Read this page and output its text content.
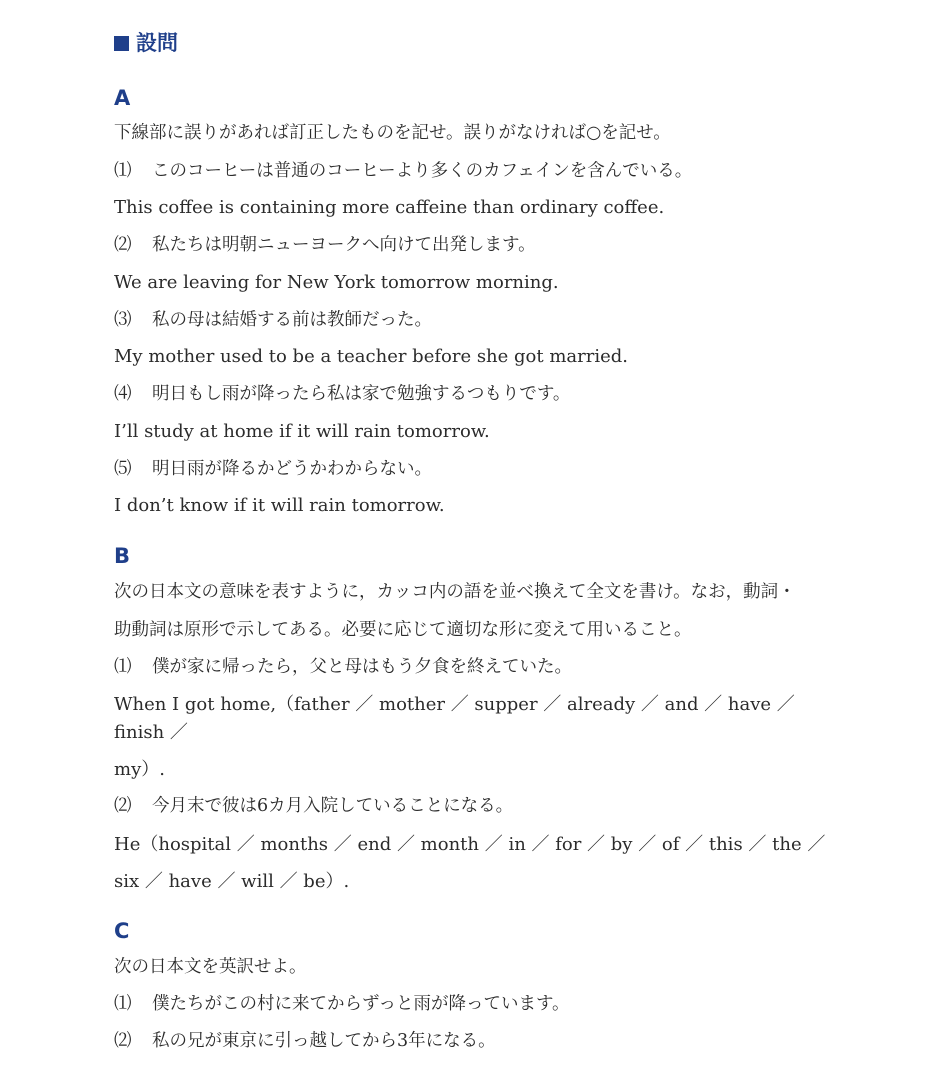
設問
A
下線部に誤りがあれば訂正したものを記せ。誤りがなければ○を記せ。
⑴ このコーヒーは普通のコーヒーより多くのカフェインを含んでいる。
This coffee is containing more caffeine than ordinary coffee.
⑵ 私たちは明朝ニューヨークへ向けて出発します。
We are leaving for New York tomorrow morning.
⑶ 私の母は結婚する前は教師だった。
My mother used to be a teacher before she got married.
⑷ 明日もし雨が降ったら私は家で勉強するつもりです。
I’ll study at home if it will rain tomorrow.
⑸ 明日雨が降るかどうかわからない。
I don’t know if it will rain tomorrow.
B
次の日本文の意味を表すように，カッコ内の語を並べ換えて全文を書け。なお，動詞・
助動詞は原形で示してある。必要に応じて適切な形に変えて用いること。
⑴ 僕が家に帰ったら，父と母はもう夕食を終えていた。
When I got home,（father ／ mother ／ supper ／ already ／ and ／ have ／
finish ／
my）.
⑵ 今月末で彼は6カ月入院していることになる。
He（hospital ／ months ／ end ／ month ／ in ／ for ／ by ／ of ／ this ／ the ／
six ／ have ／ will ／ be）.
C
次の日本文を英訳せよ。
⑴ 僕たちがこの村に来てからずっと雨が降っています。
⑵ 私の兄が東京に引っ越してから3年になる。
